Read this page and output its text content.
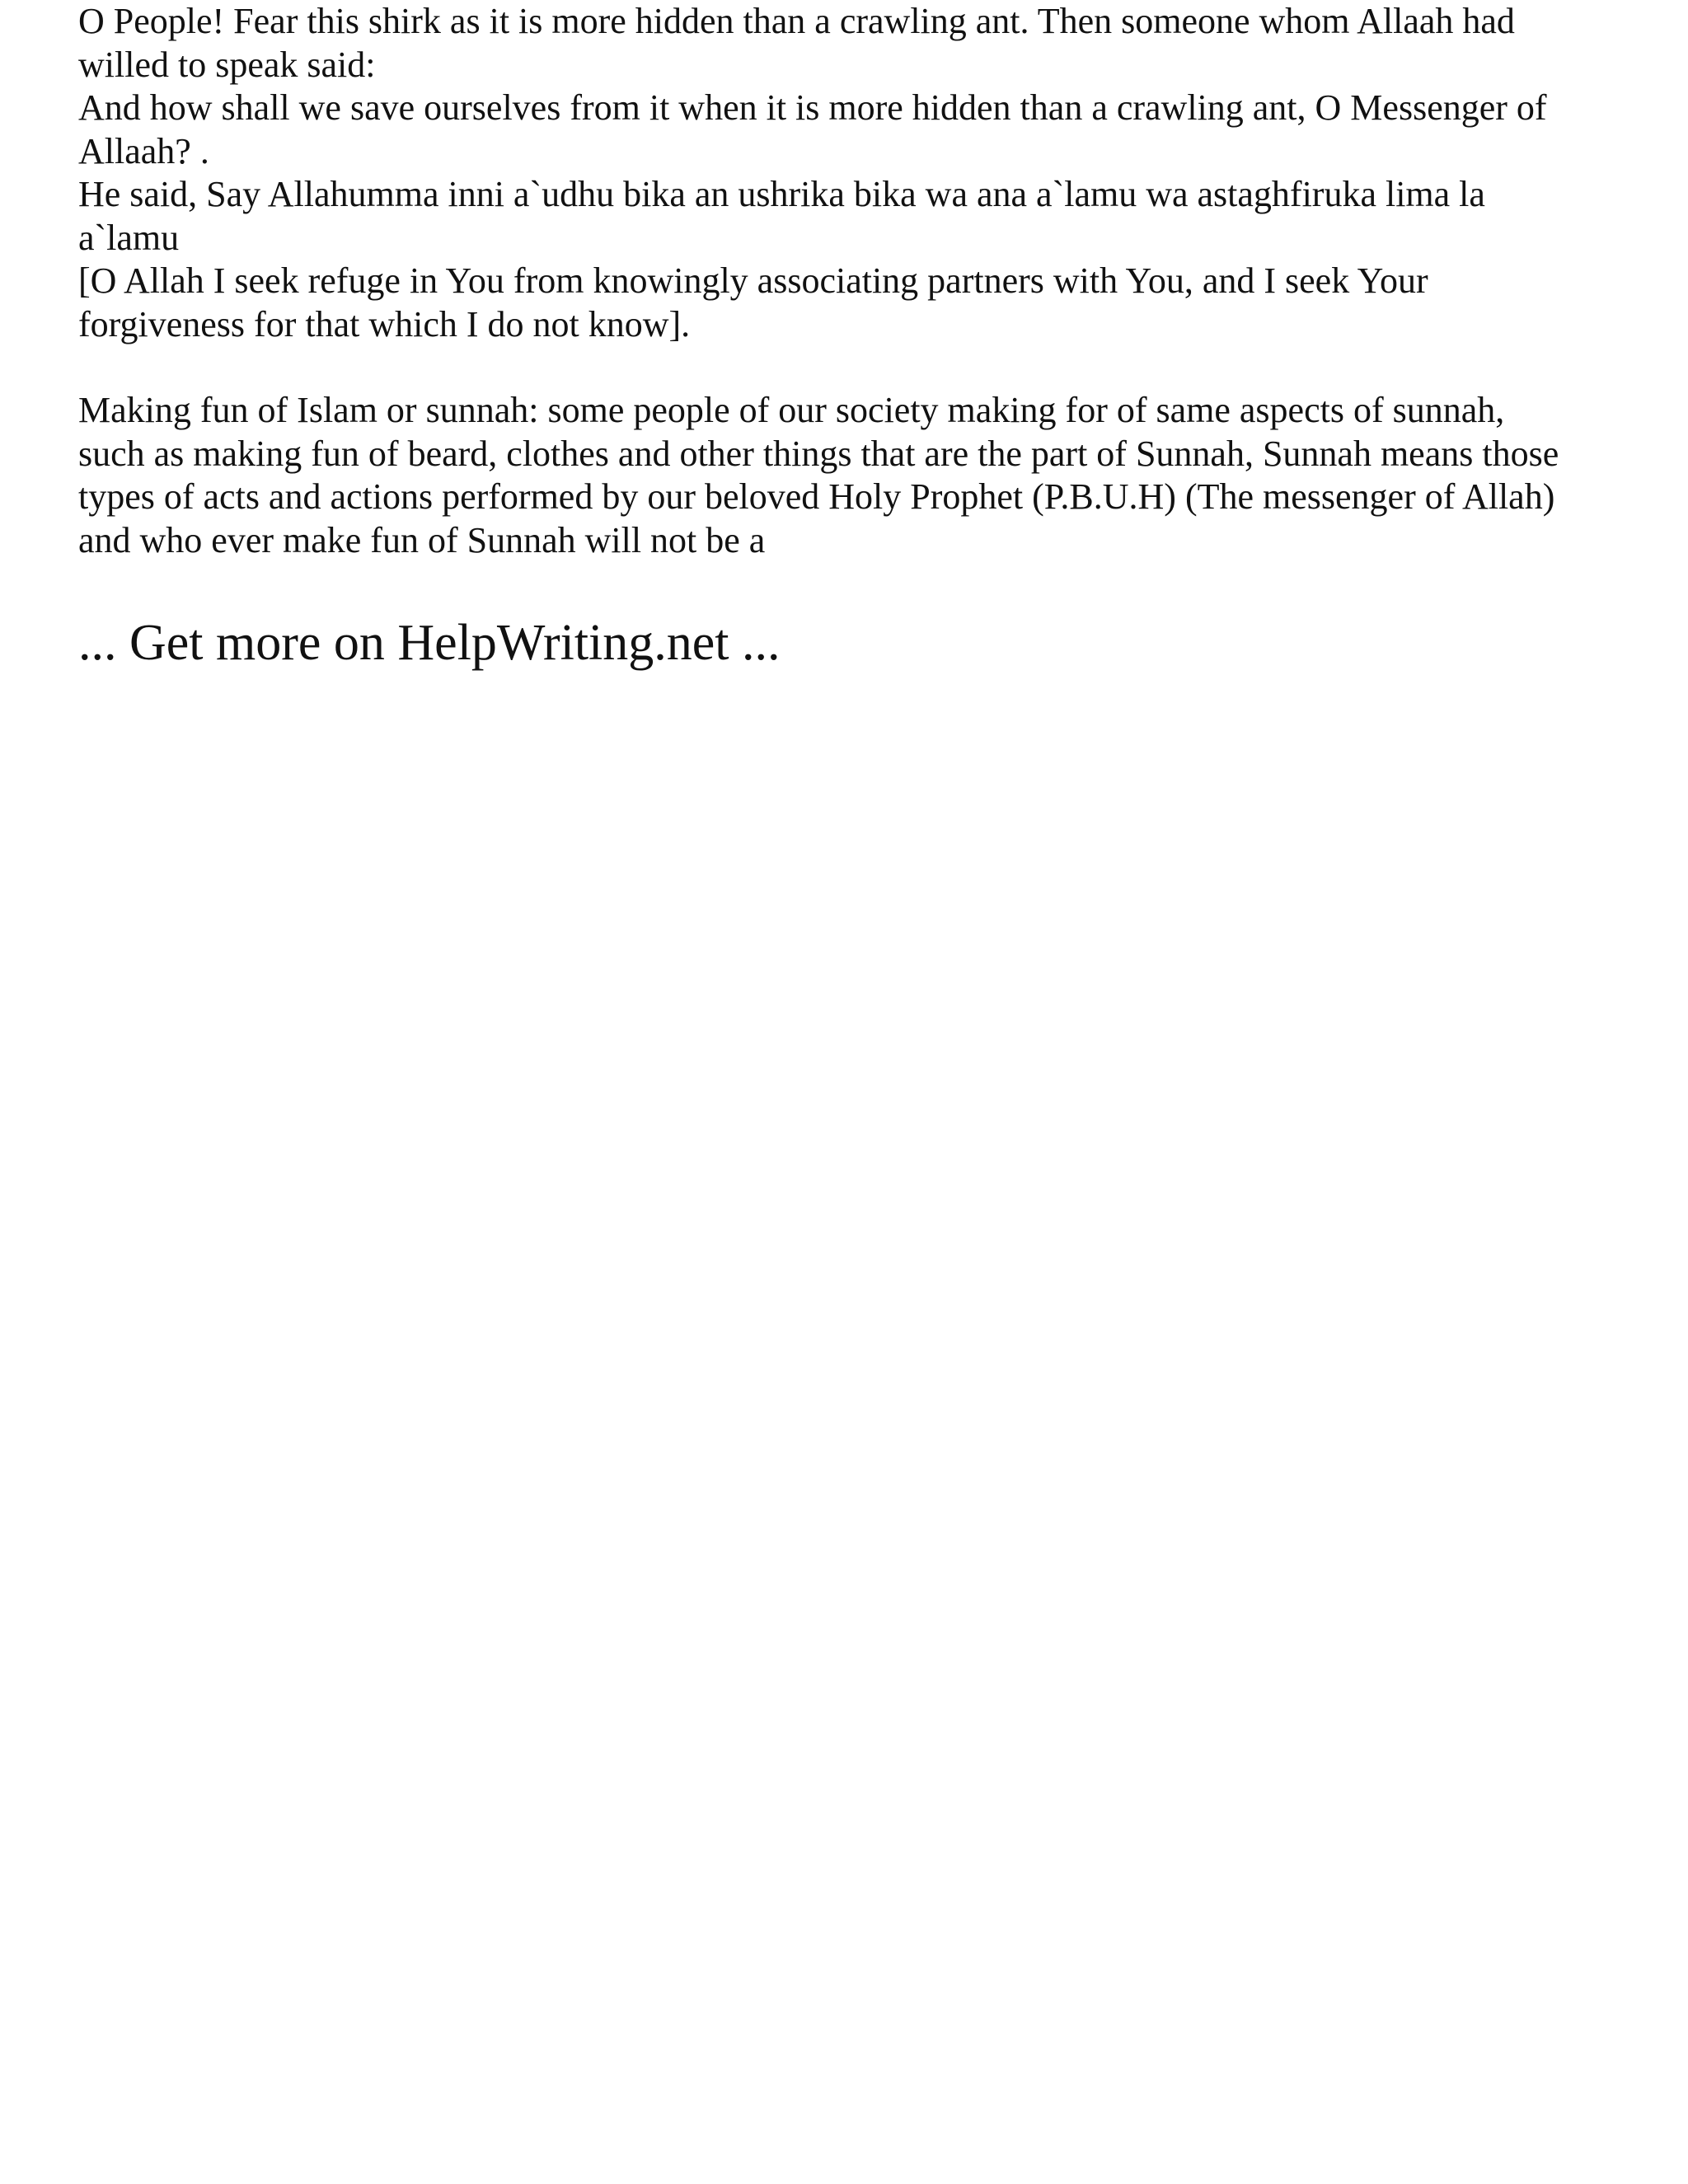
O People! Fear this shirk as it is more hidden than a crawling ant. Then someone whom Allaah had
willed to speak said:
And how shall we save ourselves from it when it is more hidden than a crawling ant, O Messenger of
Allaah? .
He said, Say Allahumma inni a`udhu bika an ushrika bika wa ana a`lamu wa astaghfiruka lima la
a`lamu
[O Allah I seek refuge in You from knowingly associating partners with You, and I seek Your
forgiveness for that which I do not know].

Making fun of Islam or sunnah: some people of our society making for of same aspects of sunnah,
such as making fun of beard, clothes and other things that are the part of Sunnah, Sunnah means those
types of acts and actions performed by our beloved Holy Prophet (P.B.U.H) (The messenger of Allah)
and who ever make fun of Sunnah will not be a

... Get more on HelpWriting.net ...
